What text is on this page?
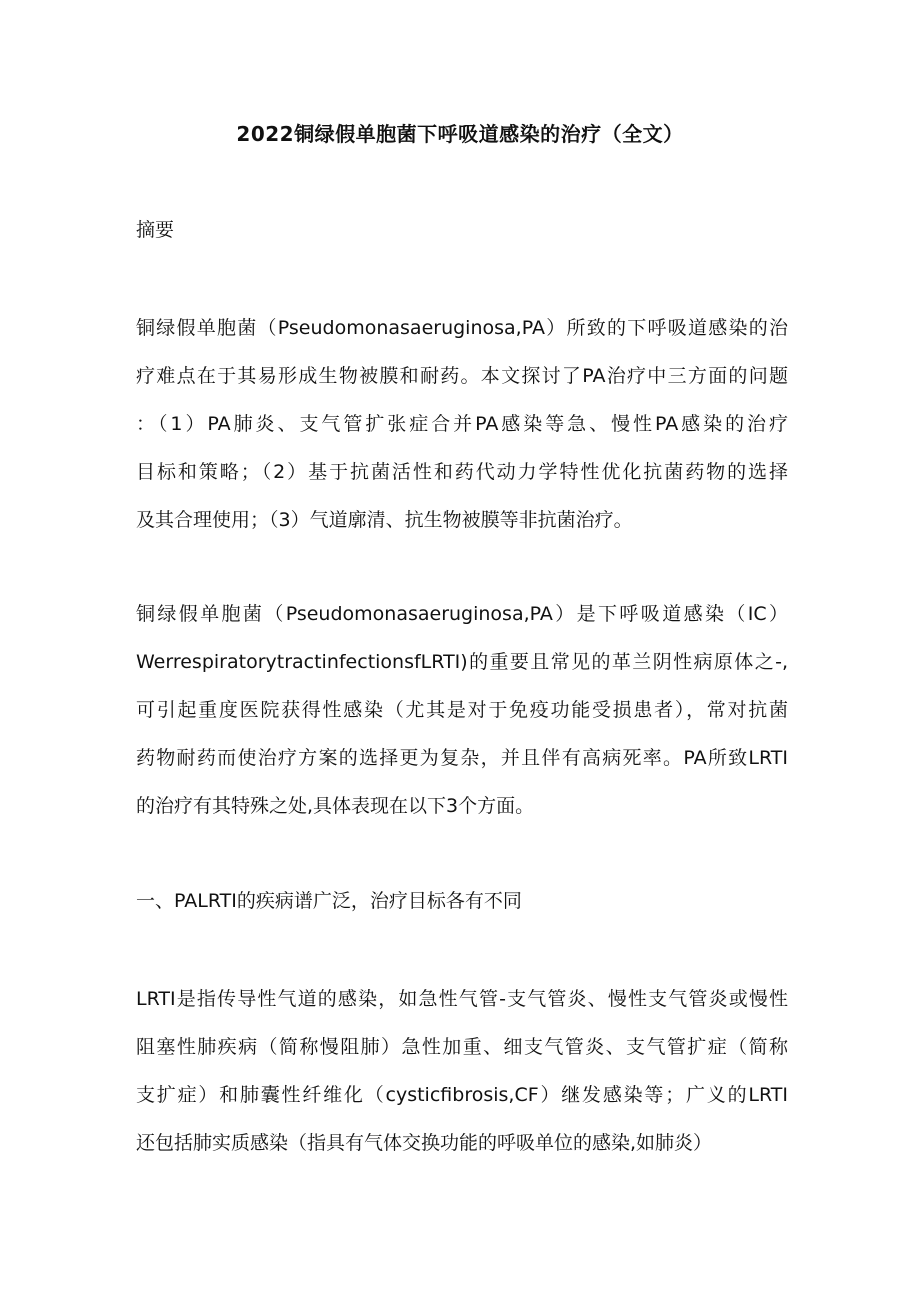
2022铜绿假单胞菌下呼吸道感染的治疗（全文）
摘要
铜绿假单胞菌（Pseudomonasaeruginosa,PA）所致的下呼吸道感染的治
疗难点在于其易形成生物被膜和耐药。本文探讨了PA治疗中三方面的问题
：（1）PA肺炎、支气管扩张症合并PA感染等急、慢性PA感染的治疗
目标和策略；（2）基于抗菌活性和药代动力学特性优化抗菌药物的选择
及其合理使用；（3）气道廓清、抗生物被膜等非抗菌治疗。
铜绿假单胞菌（Pseudomonasaeruginosa,PA）是下呼吸道感染（IC）
WerrespiratorytractinfectionsfLRTI)的重要且常见的革兰阴性病原体之-,
可引起重度医院获得性感染（尤其是对于免疫功能受损患者），常对抗菌
药物耐药而使治疗方案的选择更为复杂，并且伴有高病死率。PA所致LRTI
的治疗有其特殊之处,具体表现在以下3个方面。
一、PALRTI的疾病谱广泛，治疗目标各有不同
LRTI是指传导性气道的感染，如急性气管-支气管炎、慢性支气管炎或慢性
阻塞性肺疾病（简称慢阻肺）急性加重、细支气管炎、支气管扩症（简称
支扩症）和肺囊性纤维化（cysticfibrosis,CF）继发感染等；广义的LRTI
还包括肺实质感染（指具有气体交换功能的呼吸单位的感染,如肺炎）
